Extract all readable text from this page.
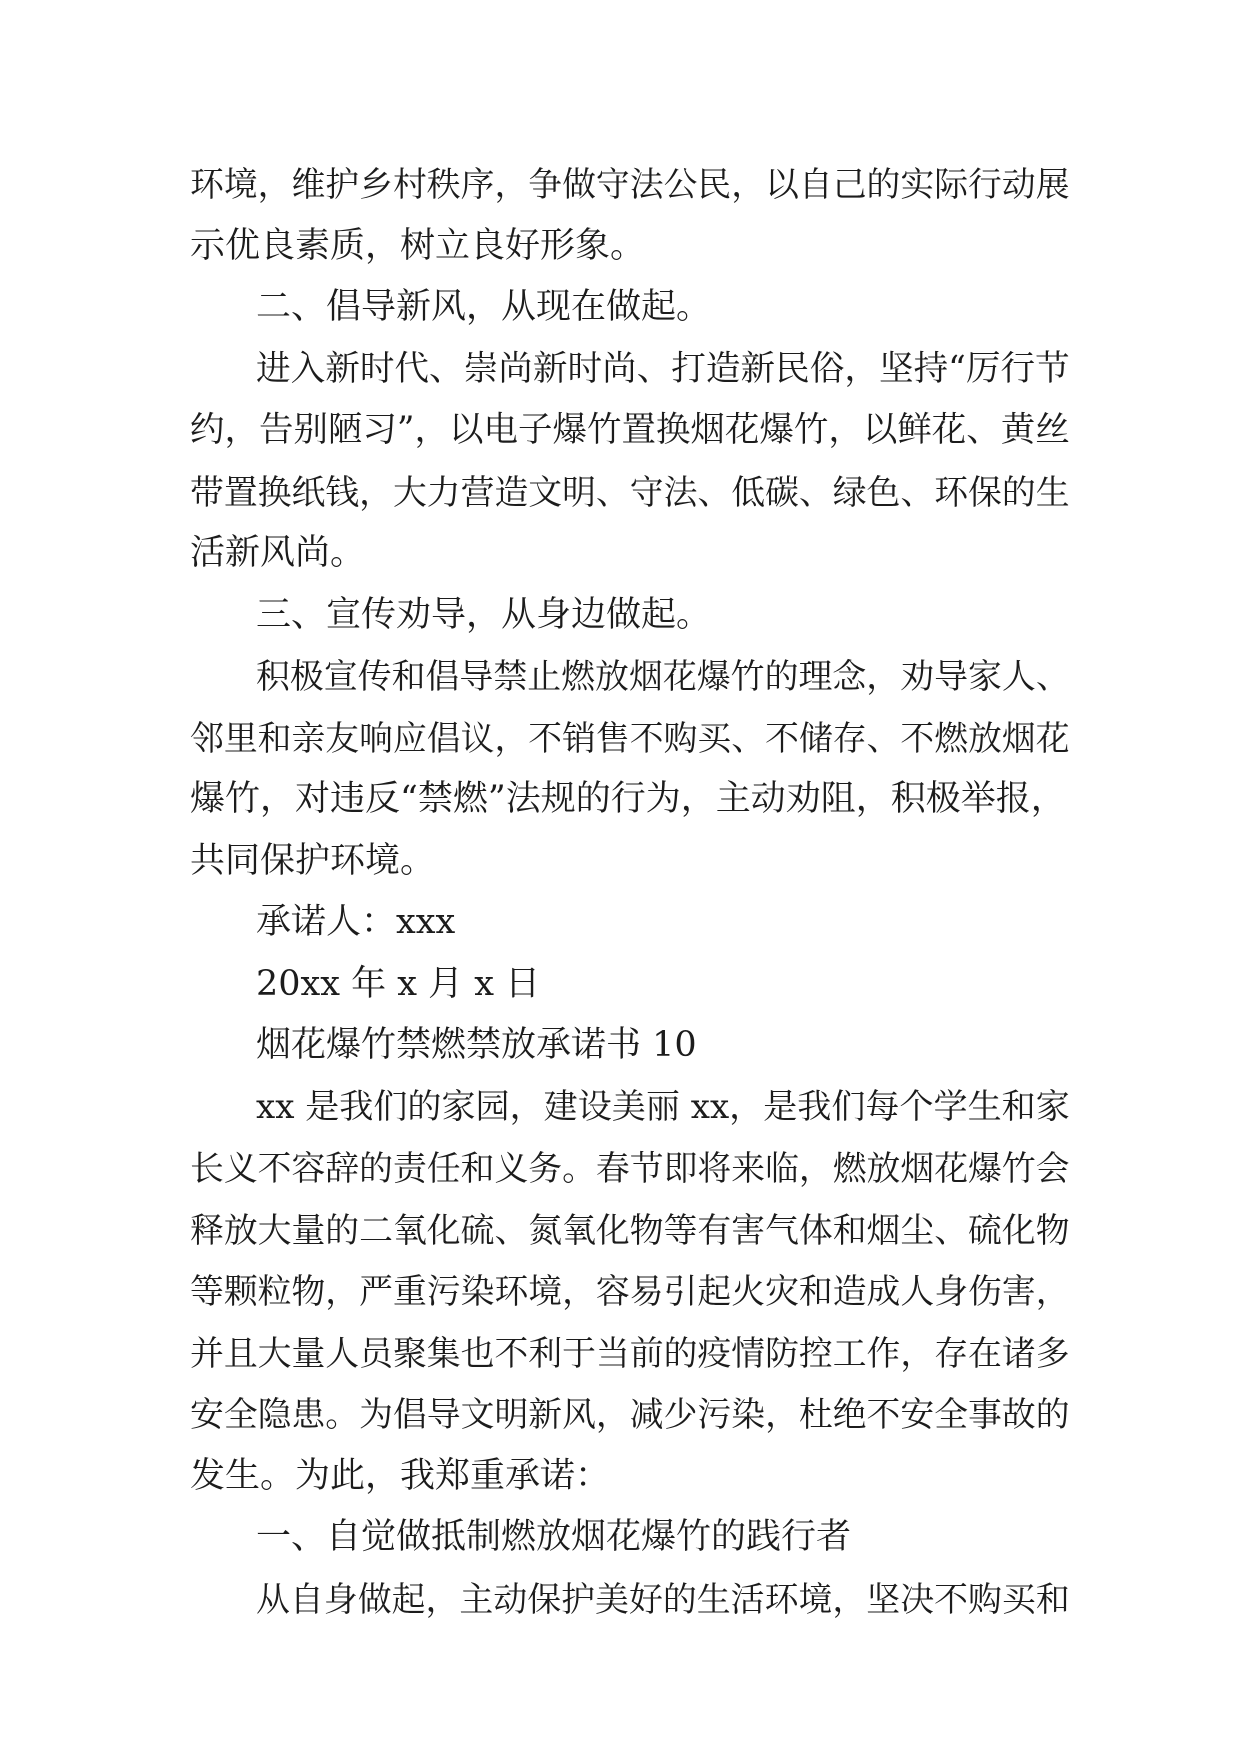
环境，维护乡村秩序，争做守法公民，以自己的实际行动展
示优良素质，树立良好形象。
二、倡导新风，从现在做起。
进入新时代、崇尚新时尚、打造新民俗，坚持“厉行节
约，告别陋习”，以电子爆竹置换烟花爆竹，以鲜花、黄丝
带置换纸钱，大力营造文明、守法、低碳、绿色、环保的生
活新风尚。
三、宣传劝导，从身边做起。
积极宣传和倡导禁止燃放烟花爆竹的理念，劝导家人、
邻里和亲友响应倡议，不销售不购买、不储存、不燃放烟花
爆竹，对违反“禁燃”法规的行为，主动劝阻，积极举报，
共同保护环境。
承诺人：xxx
20xx 年 x 月 x 日
烟花爆竹禁燃禁放承诺书 10
xx 是我们的家园，建设美丽 xx，是我们每个学生和家
长义不容辞的责任和义务。春节即将来临，燃放烟花爆竹会
释放大量的二氧化硫、氮氧化物等有害气体和烟尘、硫化物
等颗粒物，严重污染环境，容易引起火灾和造成人身伤害，
并且大量人员聚集也不利于当前的疫情防控工作，存在诸多
安全隐患。为倡导文明新风，减少污染，杜绝不安全事故的
发生。为此，我郑重承诺：
一、自觉做抵制燃放烟花爆竹的践行者
从自身做起，主动保护美好的生活环境，坚决不购买和
